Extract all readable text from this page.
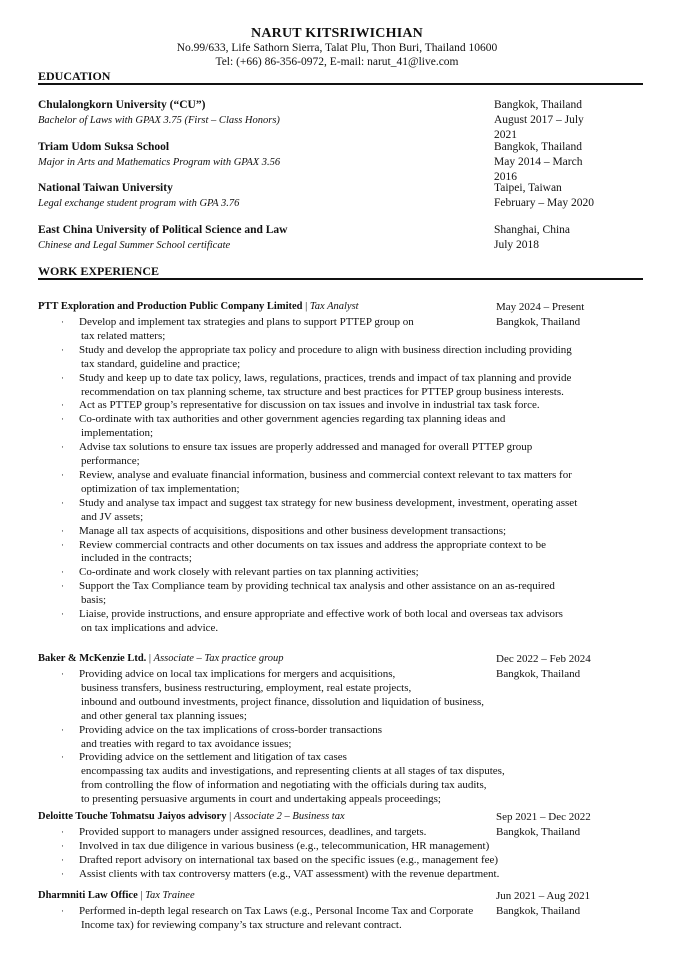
NARUT KITSRIWICHIAN
No.99/633, Life Sathorn Sierra, Talat Plu, Thon Buri, Thailand 10600
Tel: (+66) 86-356-0972, E-mail: narut_41@live.com
EDUCATION
Chulalongkorn University (“CU”)	Bangkok, Thailand
Bachelor of Laws with GPAX 3.75 (First – Class Honors)	August 2017 – July 2021
Triam Udom Suksa School	Bangkok, Thailand
Major in Arts and Mathematics Program with GPAX 3.56	May 2014 – March 2016
National Taiwan University	Taipei, Taiwan
Legal exchange student program with GPA 3.76	February – May 2020
East China University of Political Science and Law	Shanghai, China
Chinese and Legal Summer School certificate	July 2018
WORK EXPERIENCE
PTT Exploration and Production Public Company Limited | Tax Analyst	May 2024 – Present
Bangkok, Thailand
· Develop and implement tax strategies and plans to support PTTEP group on
tax related matters;
· Study and develop the appropriate tax policy and procedure to align with business direction including providing
tax standard, guideline and practice;
· Study and keep up to date tax policy, laws, regulations, practices, trends and impact of tax planning and provide
recommendation on tax planning scheme, tax structure and best practices for PTTEP group business interests.
· Act as PTTEP group’s representative for discussion on tax issues and involve in industrial tax task force.
· Co-ordinate with tax authorities and other government agencies regarding tax planning ideas and
implementation;
· Advise tax solutions to ensure tax issues are properly addressed and managed for overall PTTEP group
performance;
· Review, analyse and evaluate financial information, business and commercial context relevant to tax matters for
optimization of tax implementation;
· Study and analyse tax impact and suggest tax strategy for new business development, investment, operating asset
and JV assets;
· Manage all tax aspects of acquisitions, dispositions and other business development transactions;
· Review commercial contracts and other documents on tax issues and address the appropriate context to be
included in the contracts;
· Co-ordinate and work closely with relevant parties on tax planning activities;
· Support the Tax Compliance team by providing technical tax analysis and other assistance on an as-required
basis;
· Liaise, provide instructions, and ensure appropriate and effective work of both local and overseas tax advisors
on tax implications and advice.
Baker & McKenzie Ltd. | Associate – Tax practice group	Dec 2022 – Feb 2024
Bangkok, Thailand
· Providing advice on local tax implications for mergers and acquisitions,
business transfers, business restructuring, employment, real estate projects,
inbound and outbound investments, project finance, dissolution and liquidation of business,
and other general tax planning issues;
· Providing advice on the tax implications of cross-border transactions
and treaties with regard to tax avoidance issues;
· Providing advice on the settlement and litigation of tax cases
encompassing tax audits and investigations, and representing clients at all stages of tax disputes,
from controlling the flow of information and negotiating with the officials during tax audits,
to presenting persuasive arguments in court and undertaking appeals proceedings;
Deloitte Touche Tohmatsu Jaiyos advisory | Associate 2 – Business tax	Sep 2021 – Dec 2022
Bangkok, Thailand
· Provided support to managers under assigned resources, deadlines, and targets.
· Involved in tax due diligence in various business (e.g., telecommunication, HR management)
· Drafted report advisory on international tax based on the specific issues (e.g., management fee)
· Assist clients with tax controversy matters (e.g., VAT assessment) with the revenue department.
Dharmniti Law Office | Tax Trainee	Jun 2021 – Aug 2021
Bangkok, Thailand
· Performed in-depth legal research on Tax Laws (e.g., Personal Income Tax and Corporate
Income tax) for reviewing company’s tax structure and relevant contract.
